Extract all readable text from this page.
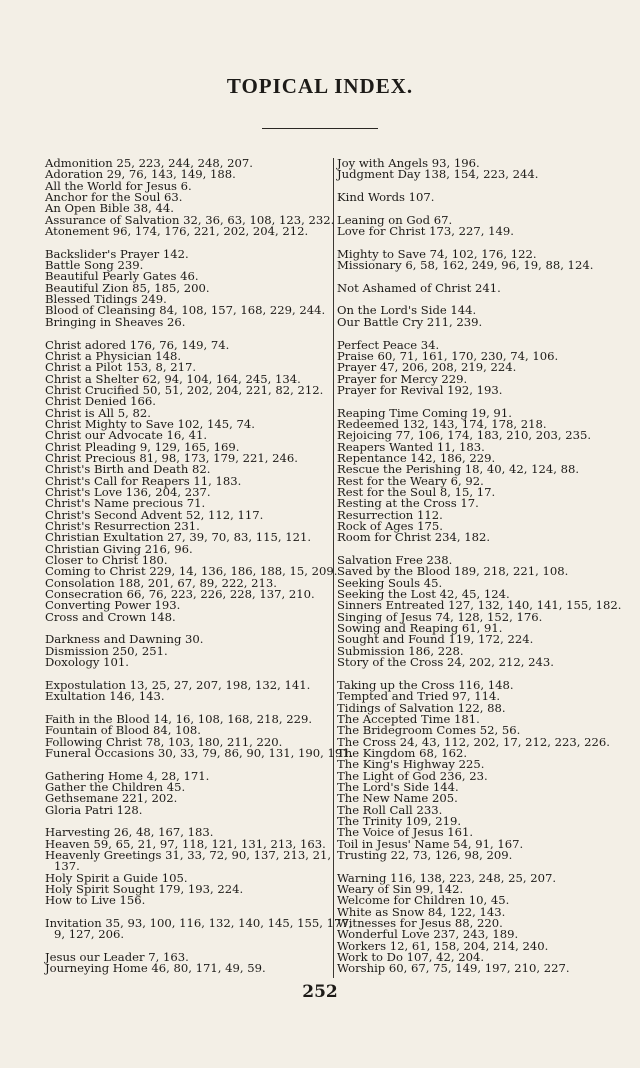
TOPICAL INDEX.
Admonition 25, 223, 244, 248, 207.
Adoration 29, 76, 143, 149, 188.
All the World for Jesus 6.
Anchor for the Soul 63.
An Open Bible 38, 44.
Assurance of Salvation 32, 36, 63, 108, 123, 232.
Atonement 96, 174, 176, 221, 202, 204, 212.
Backslider's Prayer 142.
Battle Song 239.
Beautiful Pearly Gates 46.
Beautiful Zion 85, 185, 200.
Blessed Tidings 249.
Blood of Cleansing 84, 108, 157, 168, 229, 244.
Bringing in Sheaves 26.
Christ adored 176, 76, 149, 74.
Christ a Physician 148.
Christ a Pilot 153, 8, 217.
Christ a Shelter 62, 94, 104, 164, 245, 134.
Christ Crucified 50, 51, 202, 204, 221, 82, 212.
Christ Denied 166.
Christ is All 5, 82.
Christ Mighty to Save 102, 145, 74.
Christ our Advocate 16, 41.
Christ Pleading 9, 129, 165, 169.
Christ Precious 81, 98, 173, 179, 221, 246.
Christ's Birth and Death 82.
Christ's Call for Reapers 11, 183.
Christ's Love 136, 204, 237.
Christ's Name precious 71.
Christ's Second Advent 52, 112, 117.
Christ's Resurrection 231.
Christian Exultation 27, 39, 70, 83, 115, 121.
Christian Giving 216, 96.
Closer to Christ 180.
Coming to Christ 229, 14, 136, 186, 188, 15, 209.
Consolation 188, 201, 67, 89, 222, 213.
Consecration 66, 76, 223, 226, 228, 137, 210.
Converting Power 193.
Cross and Crown 148.
Darkness and Dawning 30.
Dismission 250, 251.
Doxology 101.
Expostulation 13, 25, 27, 207, 198, 132, 141.
Exultation 146, 143.
Faith in the Blood 14, 16, 108, 168, 218, 229.
Fountain of Blood 84, 108.
Following Christ 78, 103, 180, 211, 220.
Funeral Occasions 30, 33, 79, 86, 90, 131, 190, 191.
Gathering Home 4, 28, 171.
Gather the Children 45.
Gethsemane 221, 202.
Gloria Patri 128.
Harvesting 26, 48, 167, 183.
Heaven 59, 65, 21, 97, 118, 121, 131, 213, 163.
Heavenly Greetings 31, 33, 72, 90, 137, 213, 21,
137.
Holy Spirit a Guide 105.
Holy Spirit Sought 179, 193, 224.
How to Live 156.
Invitation 35, 93, 100, 116, 132, 140, 145, 155, 177,
9, 127, 206.
Jesus our Leader 7, 163.
Journeying Home 46, 80, 171, 49, 59.
Joy with Angels 93, 196.
Judgment Day 138, 154, 223, 244.
Kind Words 107.
Leaning on God 67.
Love for Christ 173, 227, 149.
Mighty to Save 74, 102, 176, 122.
Missionary 6, 58, 162, 249, 96, 19, 88, 124.
Not Ashamed of Christ 241.
On the Lord's Side 144.
Our Battle Cry 211, 239.
Perfect Peace 34.
Praise 60, 71, 161, 170, 230, 74, 106.
Prayer 47, 206, 208, 219, 224.
Prayer for Mercy 229.
Prayer for Revival 192, 193.
Reaping Time Coming 19, 91.
Redeemed 132, 143, 174, 178, 218.
Rejoicing 77, 106, 174, 183, 210, 203, 235.
Reapers Wanted 11, 183.
Repentance 142, 186, 229.
Rescue the Perishing 18, 40, 42, 124, 88.
Rest for the Weary 6, 92.
Rest for the Soul 8, 15, 17.
Resting at the Cross 17.
Resurrection 112.
Rock of Ages 175.
Room for Christ 234, 182.
Salvation Free 238.
Saved by the Blood 189, 218, 221, 108.
Seeking Souls 45.
Seeking the Lost 42, 45, 124.
Sinners Entreated 127, 132, 140, 141, 155, 182.
Singing of Jesus 74, 128, 152, 176.
Sowing and Reaping 61, 91.
Sought and Found 119, 172, 224.
Submission 186, 228.
Story of the Cross 24, 202, 212, 243.
Taking up the Cross 116, 148.
Tempted and Tried 97, 114.
Tidings of Salvation 122, 88.
The Accepted Time 181.
The Bridegroom Comes 52, 56.
The Cross 24, 43, 112, 202, 17, 212, 223, 226.
The Kingdom 68, 162.
The King's Highway 225.
The Light of God 236, 23.
The Lord's Side 144.
The New Name 205.
The Roll Call 233.
The Trinity 109, 219.
The Voice of Jesus 161.
Toil in Jesus' Name 54, 91, 167.
Trusting 22, 73, 126, 98, 209.
Warning 116, 138, 223, 248, 25, 207.
Weary of Sin 99, 142.
Welcome for Children 10, 45.
White as Snow 84, 122, 143.
Witnesses for Jesus 88, 220.
Wonderful Love 237, 243, 189.
Workers 12, 61, 158, 204, 214, 240.
Work to Do 107, 42, 204.
Worship 60, 67, 75, 149, 197, 210, 227.
252
